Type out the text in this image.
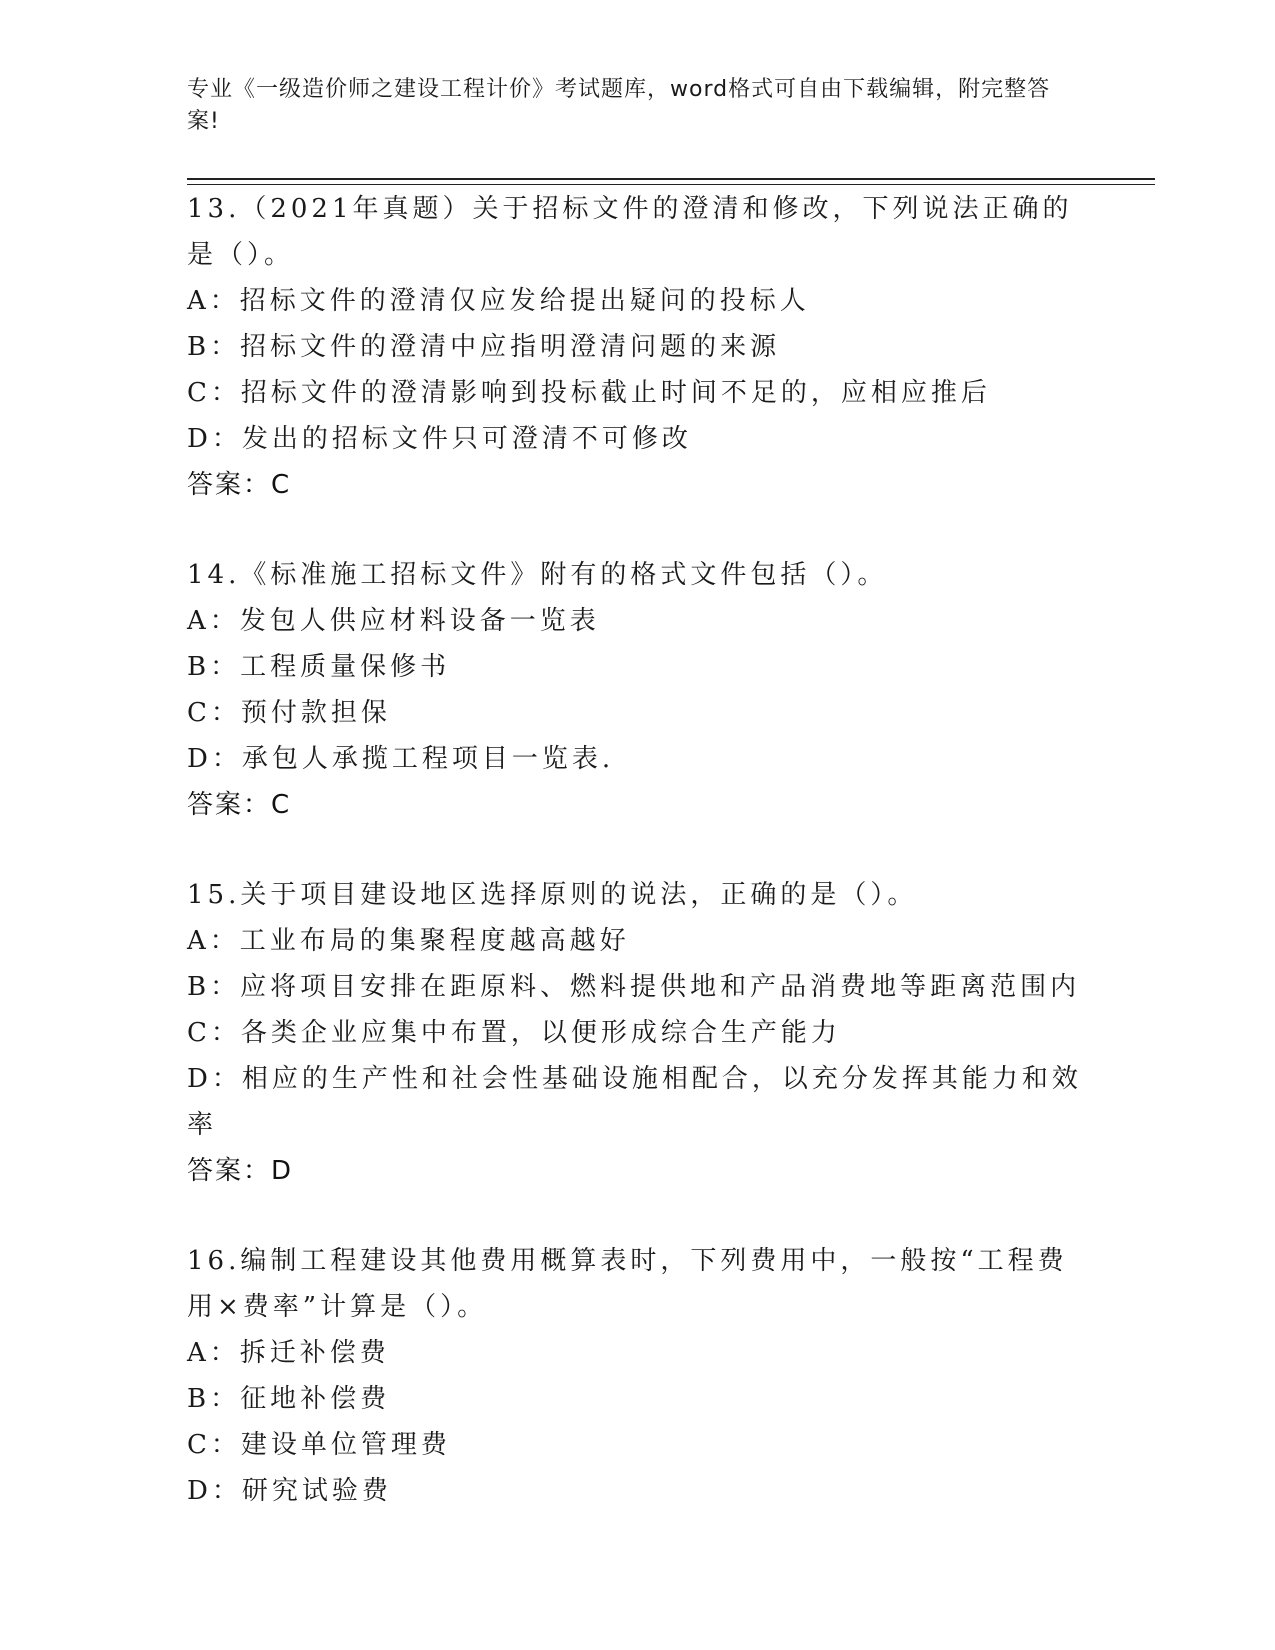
专业《一级造价师之建设工程计价》考试题库，word格式可自由下载编辑，附完整答案!

13.（2021年真题）关于招标文件的澄清和修改，下列说法正确的是（）。

A：招标文件的澄清仅应发给提出疑问的投标人

B：招标文件的澄清中应指明澄清问题的来源

C：招标文件的澄清影响到投标截止时间不足的，应相应推后

D：发出的招标文件只可澄清不可修改

答案：C

14.《标准施工招标文件》附有的格式文件包括（）。

A：发包人供应材料设备一览表

B：工程质量保修书

C：预付款担保

D：承包人承揽工程项目一览表.

答案：C

15.关于项目建设地区选择原则的说法，正确的是（）。

A：工业布局的集聚程度越高越好

B：应将项目安排在距原料、燃料提供地和产品消费地等距离范围内

C：各类企业应集中布置，以便形成综合生产能力

D：相应的生产性和社会性基础设施相配合，以充分发挥其能力和效率

答案：D

16.编制工程建设其他费用概算表时，下列费用中，一般按“工程费用×费率”计算是（）。

A：拆迁补偿费

B：征地补偿费

C：建设单位管理费

D：研究试验费
